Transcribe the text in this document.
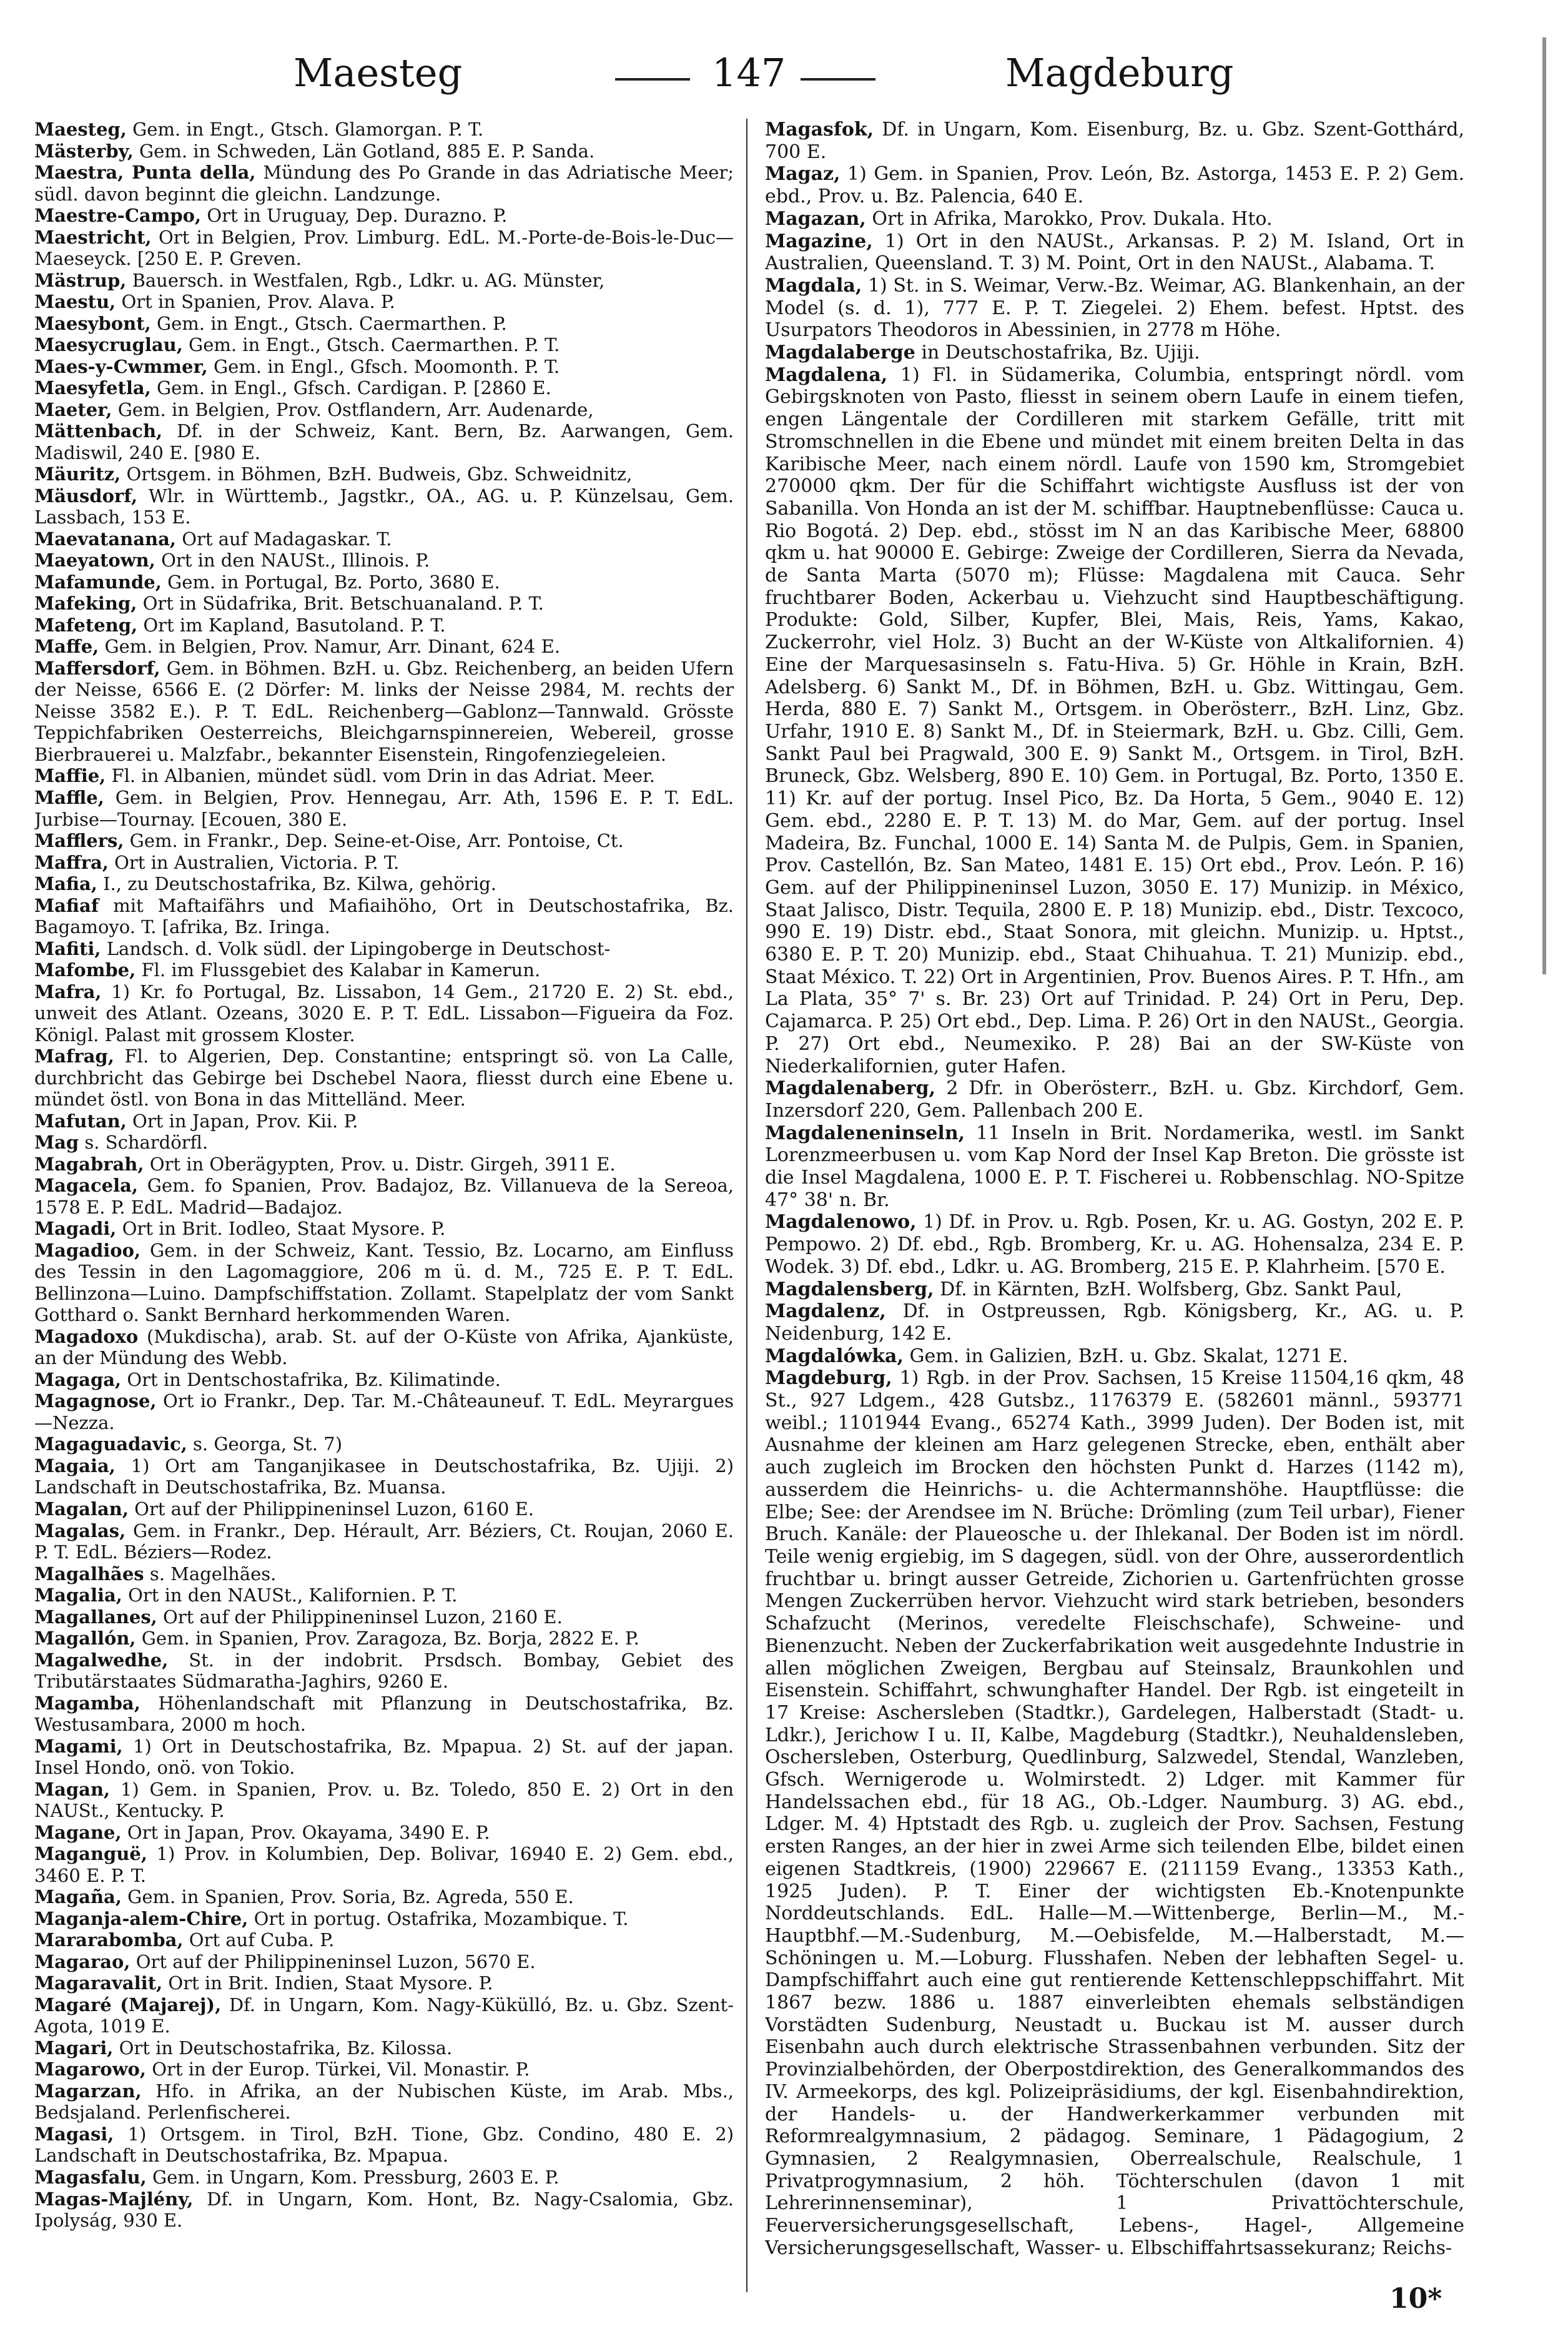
Maesteg	147	Magdeburg

Maesteg, Gem. in Engt., Gtsch. Glamorgan. P. T.

Mästerby, Gem. in Schweden, Län Gotland, 885 E. P. Sanda.

Maestra, Punta della, Mündung des Po Grande in das Adriatische Meer; südl. davon beginnt die gleichn. Landzunge.

Maestre-Campo, Ort in Uruguay, Dep. Durazno. P.

Maestricht, Ort in Belgien, Prov. Limburg. EdL. M.-Porte-de-Bois-le-Duc—Maeseyck. [250 E. P. Greven.

Mästrup, Bauersch. in Westfalen, Rgb., Ldkr. u. AG. Münster,

Maestu, Ort in Spanien, Prov. Alava. P.

Maesybont, Gem. in Engt., Gtsch. Caermarthen. P.

Maesycruglau, Gem. in Engt., Gtsch. Caermarthen. P. T.

Maes-y-Cwmmer, Gem. in Engl., Gfsch. Moomonth. P. T.

Maesyfetla, Gem. in Engl., Gfsch. Cardigan. P. [2860 E.

Maeter, Gem. in Belgien, Prov. Ostflandern, Arr. Audenarde,

Mättenbach, Df. in der Schweiz, Kant. Bern, Bz. Aarwangen, Gem. Madiswil, 240 E. [980 E.

Mäuritz, Ortsgem. in Böhmen, BzH. Budweis, Gbz. Schweidnitz,

Mäusdorf, Wlr. in Württemb., Jagstkr., OA., AG. u. P. Künzelsau, Gem. Lassbach, 153 E.

Maevatanana, Ort auf Madagaskar. T.

Maeyatown, Ort in den NAUSt., Illinois. P.

Mafamunde, Gem. in Portugal, Bz. Porto, 3680 E.

Mafeking, Ort in Südafrika, Brit. Betschuanaland. P. T.

Mafeteng, Ort im Kapland, Basutoland. P. T.

Maffe, Gem. in Belgien, Prov. Namur, Arr. Dinant, 624 E.

Maffersdorf, Gem. in Böhmen. BzH. u. Gbz. Reichenberg, an beiden Ufern der Neisse, 6566 E. (2 Dörfer: M. links der Neisse 2984, M. rechts der Neisse 3582 E.). P. T. EdL. Reichenberg—Gablonz—Tannwald. Grösste Teppichfabriken Oesterreichs, Bleichgarnspinnereien, Webereil, grosse Bierbrauerei u. Malzfabr., bekannter Eisenstein, Ringofenziegeleien.

Maffie, Fl. in Albanien, mündet südl. vom Drin in das Adriat. Meer.

Maffle, Gem. in Belgien, Prov. Hennegau, Arr. Ath, 1596 E. P. T. EdL. Jurbise—Tournay. [Ecouen, 380 E.

Mafflers, Gem. in Frankr., Dep. Seine-et-Oise, Arr. Pontoise, Ct.

Maffra, Ort in Australien, Victoria. P. T.

Mafia, I., zu Deutschostafrika, Bz. Kilwa, gehörig.

Mafiaf mit Maftaifährs und Mafiaihöho, Ort in Deutschostafrika, Bz. Bagamoyo. T. [afrika, Bz. Iringa.

Mafiti, Landsch. d. Volk südl. der Lipingoberge in Deutschost-

Mafombe, Fl. im Flussgebiet des Kalabar in Kamerun.

Mafra, 1) Kr. fo Portugal, Bz. Lissabon, 14 Gem., 21720 E. 2) St. ebd., unweit des Atlant. Ozeans, 3020 E. P. T. EdL. Lissabon—Figueira da Foz. Königl. Palast mit grossem Kloster.

Mafrag, Fl. to Algerien, Dep. Constantine; entspringt sö. von La Calle, durchbricht das Gebirge bei Dschebel Naora, fliesst durch eine Ebene u. mündet östl. von Bona in das Mittelländ. Meer.

Mafutan, Ort in Japan, Prov. Kii. P.

Mag s. Schardörfl.

Magabrah, Ort in Oberägypten, Prov. u. Distr. Girgeh, 3911 E.

Magacela, Gem. fo Spanien, Prov. Badajoz, Bz. Villanueva de la Sereoa, 1578 E. P. EdL. Madrid—Badajoz.

Magadi, Ort in Brit. Iodleo, Staat Mysore. P.

Magadioo, Gem. in der Schweiz, Kant. Tessio, Bz. Locarno, am Einfluss des Tessin in den Lagomaggiore, 206 m ü. d. M., 725 E. P. T. EdL. Bellinzona—Luino. Dampfschiffstation. Zollamt. Stapelplatz der vom Sankt Gotthard o. Sankt Bernhard herkommenden Waren.

Magadoxo (Mukdischa), arab. St. auf der O-Küste von Afrika, Ajanküste, an der Mündung des Webb.

Magaga, Ort in Dentschostafrika, Bz. Kilimatinde.

Magagnose, Ort io Frankr., Dep. Tar. M.-Châteauneuf. T. EdL. Meyrargues—Nezza.

Magaguadavic, s. Georga, St. 7)

Magaia, 1) Ort am Tanganjikasee in Deutschostafrika, Bz. Ujiji. 2) Landschaft in Deutschostafrika, Bz. Muansa.

Magalan, Ort auf der Philippineninsel Luzon, 6160 E.

Magalas, Gem. in Frankr., Dep. Hérault, Arr. Béziers, Ct. Roujan, 2060 E. P. T. EdL. Béziers—Rodez.

Magalhães s. Magelhães.

Magalia, Ort in den NAUSt., Kalifornien. P. T.

Magallanes, Ort auf der Philippineninsel Luzon, 2160 E.

Magallón, Gem. in Spanien, Prov. Zaragoza, Bz. Borja, 2822 E. P.

Magalwedhe, St. in der indobrit. Prsdsch. Bombay, Gebiet des Tributärstaates Südmaratha-Jaghirs, 9260 E.

Magamba, Höhenlandschaft mit Pflanzung in Deutschostafrika, Bz. Westusambara, 2000 m hoch.

Magami, 1) Ort in Deutschostafrika, Bz. Mpapua. 2) St. auf der japan. Insel Hondo, onö. von Tokio.

Magan, 1) Gem. in Spanien, Prov. u. Bz. Toledo, 850 E. 2) Ort in den NAUSt., Kentucky. P.

Magane, Ort in Japan, Prov. Okayama, 3490 E. P.

Maganguë, 1) Prov. in Kolumbien, Dep. Bolivar, 16940 E. 2) Gem. ebd., 3460 E. P. T.

Magaña, Gem. in Spanien, Prov. Soria, Bz. Agreda, 550 E.

Maganja-alem-Chire, Ort in portug. Ostafrika, Mozambique. T.

Mararabomba, Ort auf Cuba. P.

Magarao, Ort auf der Philippineninsel Luzon, 5670 E.

Magaravalit, Ort in Brit. Indien, Staat Mysore. P.

Magaré (Majarej), Df. in Ungarn, Kom. Nagy-Kükülló, Bz. u. Gbz. Szent-Agota, 1019 E.

Magari, Ort in Deutschostafrika, Bz. Kilossa.

Magarowo, Ort in der Europ. Türkei, Vil. Monastir. P.

Magarzan, Hfo. in Afrika, an der Nubischen Küste, im Arab. Mbs., Bedsjaland. Perlenfischerei.

Magasi, 1) Ortsgem. in Tirol, BzH. Tione, Gbz. Condino, 480 E. 2) Landschaft in Deutschostafrika, Bz. Mpapua.

Magasfalu, Gem. in Ungarn, Kom. Pressburg, 2603 E. P.

Magas-Majlény, Df. in Ungarn, Kom. Hont, Bz. Nagy-Csalomia, Gbz. Ipolyság, 930 E.

Magasfok, Df. in Ungarn, Kom. Eisenburg, Bz. u. Gbz. Szent-Gotthárd, 700 E.

Magaz, 1) Gem. in Spanien, Prov. León, Bz. Astorga, 1453 E. P. 2) Gem. ebd., Prov. u. Bz. Palencia, 640 E.

Magazan, Ort in Afrika, Marokko, Prov. Dukala. Hto.

Magazine, 1) Ort in den NAUSt., Arkansas. P. 2) M. Island, Ort in Australien, Queensland. T. 3) M. Point, Ort in den NAUSt., Alabama. T.

Magdala, 1) St. in S. Weimar, Verw.-Bz. Weimar, AG. Blankenhain, an der Model (s. d. 1), 777 E. P. T. Ziegelei. 2) Ehem. befest. Hptst. des Usurpators Theodoros in Abessinien, in 2778 m Höhe.

Magdalaberge in Deutschostafrika, Bz. Ujiji.

Magdalena, 1) Fl. in Südamerika, Columbia, entspringt nördl. vom Gebirgsknoten von Pasto, fliesst in seinem obern Laufe in einem tiefen, engen Längentale der Cordilleren mit starkem Gefälle, tritt mit Stromschnellen in die Ebene und mündet mit einem breiten Delta in das Karibische Meer, nach einem nördl. Laufe von 1590 km, Stromgebiet 270000 qkm. Der für die Schiffahrt wichtigste Ausfluss ist der von Sabanilla. Von Honda an ist der M. schiffbar. Hauptnebenflüsse: Cauca u. Rio Bogotá. 2) Dep. ebd., stösst im N an das Karibische Meer, 68800 qkm u. hat 90000 E. Gebirge: Zweige der Cordilleren, Sierra da Nevada, de Santa Marta (5070 m); Flüsse: Magdalena mit Cauca. Sehr fruchtbarer Boden, Ackerbau u. Viehzucht sind Hauptbeschäftigung. Produkte: Gold, Silber, Kupfer, Blei, Mais, Reis, Yams, Kakao, Zuckerrohr, viel Holz. 3) Bucht an der W-Küste von Altkalifornien. 4) Eine der Marquesasinseln s. Fatu-Hiva. 5) Gr. Höhle in Krain, BzH. Adelsberg. 6) Sankt M., Df. in Böhmen, BzH. u. Gbz. Wittingau, Gem. Herda, 880 E. 7) Sankt M., Ortsgem. in Oberösterr., BzH. Linz, Gbz. Urfahr, 1910 E. 8) Sankt M., Df. in Steiermark, BzH. u. Gbz. Cilli, Gem. Sankt Paul bei Pragwald, 300 E. 9) Sankt M., Ortsgem. in Tirol, BzH. Bruneck, Gbz. Welsberg, 890 E. 10) Gem. in Portugal, Bz. Porto, 1350 E. 11) Kr. auf der portug. Insel Pico, Bz. Da Horta, 5 Gem., 9040 E. 12) Gem. ebd., 2280 E. P. T. 13) M. do Mar, Gem. auf der portug. Insel Madeira, Bz. Funchal, 1000 E. 14) Santa M. de Pulpis, Gem. in Spanien, Prov. Castellón, Bz. San Mateo, 1481 E. 15) Ort ebd., Prov. León. P. 16) Gem. auf der Philippineninsel Luzon, 3050 E. 17) Munizip. in México, Staat Jalisco, Distr. Tequila, 2800 E. P. 18) Munizip. ebd., Distr. Texcoco, 990 E. 19) Distr. ebd., Staat Sonora, mit gleichn. Munizip. u. Hptst., 6380 E. P. T. 20) Munizip. ebd., Staat Chihuahua. T. 21) Munizip. ebd., Staat México. T. 22) Ort in Argentinien, Prov. Buenos Aires. P. T. Hfn., am La Plata, 35° 7' s. Br. 23) Ort auf Trinidad. P. 24) Ort in Peru, Dep. Cajamarca. P. 25) Ort ebd., Dep. Lima. P. 26) Ort in den NAUSt., Georgia. P. 27) Ort ebd., Neumexiko. P. 28) Bai an der SW-Küste von Niederkalifornien, guter Hafen.

Magdalenaberg, 2 Dfr. in Oberösterr., BzH. u. Gbz. Kirchdorf, Gem. Inzersdorf 220, Gem. Pallenbach 200 E.

Magdaleneninseln, 11 Inseln in Brit. Nordamerika, westl. im Sankt Lorenzmeerbusen u. vom Kap Nord der Insel Kap Breton. Die grösste ist die Insel Magdalena, 1000 E. P. T. Fischerei u. Robbenschlag. NO-Spitze 47° 38' n. Br.

Magdalenowo, 1) Df. in Prov. u. Rgb. Posen, Kr. u. AG. Gostyn, 202 E. P. Pempowo. 2) Df. ebd., Rgb. Bromberg, Kr. u. AG. Hohensalza, 234 E. P. Wodek. 3) Df. ebd., Ldkr. u. AG. Bromberg, 215 E. P. Klahrheim. [570 E.

Magdalensberg, Df. in Kärnten, BzH. Wolfsberg, Gbz. Sankt Paul,

Magdalenz, Df. in Ostpreussen, Rgb. Königsberg, Kr., AG. u. P. Neidenburg, 142 E.

Magdalówka, Gem. in Galizien, BzH. u. Gbz. Skalat, 1271 E.

Magdeburg, 1) Rgb. in der Prov. Sachsen, 15 Kreise 11504,16 qkm, 48 St., 927 Ldgem., 428 Gutsbz., 1176379 E. (582601 männl., 593771 weibl.; 1101944 Evang., 65274 Kath., 3999 Juden). Der Boden ist, mit Ausnahme der kleinen am Harz gelegenen Strecke, eben, enthält aber auch zugleich im Brocken den höchsten Punkt d. Harzes (1142 m), ausserdem die Heinrichs- u. die Achtermannshöhe. Hauptflüsse: die Elbe; See: der Arendsee im N. Brüche: Drömling (zum Teil urbar), Fiener Bruch. Kanäle: der Plaueosche u. der Ihlekanal. Der Boden ist im nördl. Teile wenig ergiebig, im S dagegen, südl. von der Ohre, ausserordentlich fruchtbar u. bringt ausser Getreide, Zichorien u. Gartenfrüchten grosse Mengen Zuckerrüben hervor. Viehzucht wird stark betrieben, besonders Schafzucht (Merinos, veredelte Fleischschafe), Schweine- und Bienenzucht. Neben der Zuckerfabrikation weit ausgedehnte Industrie in allen möglichen Zweigen, Bergbau auf Steinsalz, Braunkohlen und Eisenstein. Schiffahrt, schwunghafter Handel. Der Rgb. ist eingeteilt in 17 Kreise: Aschersleben (Stadtkr.), Gardelegen, Halberstadt (Stadt- u. Ldkr.), Jerichow I u. II, Kalbe, Magdeburg (Stadtkr.), Neuhaldensleben, Oschersleben, Osterburg, Quedlinburg, Salzwedel, Stendal, Wanzleben, Gfsch. Wernigerode u. Wolmirstedt. 2) Ldger. mit Kammer für Handelssachen ebd., für 18 AG., Ob.-Ldger. Naumburg. 3) AG. ebd., Ldger. M. 4) Hptstadt des Rgb. u. zugleich der Prov. Sachsen, Festung ersten Ranges, an der hier in zwei Arme sich teilenden Elbe, bildet einen eigenen Stadtkreis, (1900) 229667 E. (211159 Evang., 13353 Kath., 1925 Juden). P. T. Einer der wichtigsten Eb.-Knotenpunkte Norddeutschlands. EdL. Halle—M.—Wittenberge, Berlin—M., M.-Hauptbhf.—M.-Sudenburg, M.—Oebisfelde, M.—Halberstadt, M.—Schöningen u. M.—Loburg. Flusshafen. Neben der lebhaften Segel- u. Dampfschiffahrt auch eine gut rentierende Kettenschleppschiffahrt. Mit 1867 bezw. 1886 u. 1887 einverleibten ehemals selbständigen Vorstädten Sudenburg, Neustadt u. Buckau ist M. ausser durch Eisenbahn auch durch elektrische Strassenbahnen verbunden. Sitz der Provinzialbehörden, der Oberpostdirektion, des Generalkommandos des IV. Armeekorps, des kgl. Polizeipräsidiums, der kgl. Eisenbahndirektion, der Handels- u. der Handwerkerkammer verbunden mit Reformrealgymnasium, 2 pädagog. Seminare, 1 Pädagogium, 2 Gymnasien, 2 Realgymnasien, Oberrealschule, Realschule, 1 Privatprogymnasium, 2 höh. Töchterschulen (davon 1 mit Lehrerinnenseminar), 1 Privattöchterschule, Feuerversicherungsgesellschaft, Lebens-, Hagel-, Allgemeine Versicherungsgesellschaft, Wasser- u. Elbschiffahrtsassekuranz; Reichs-

10*
